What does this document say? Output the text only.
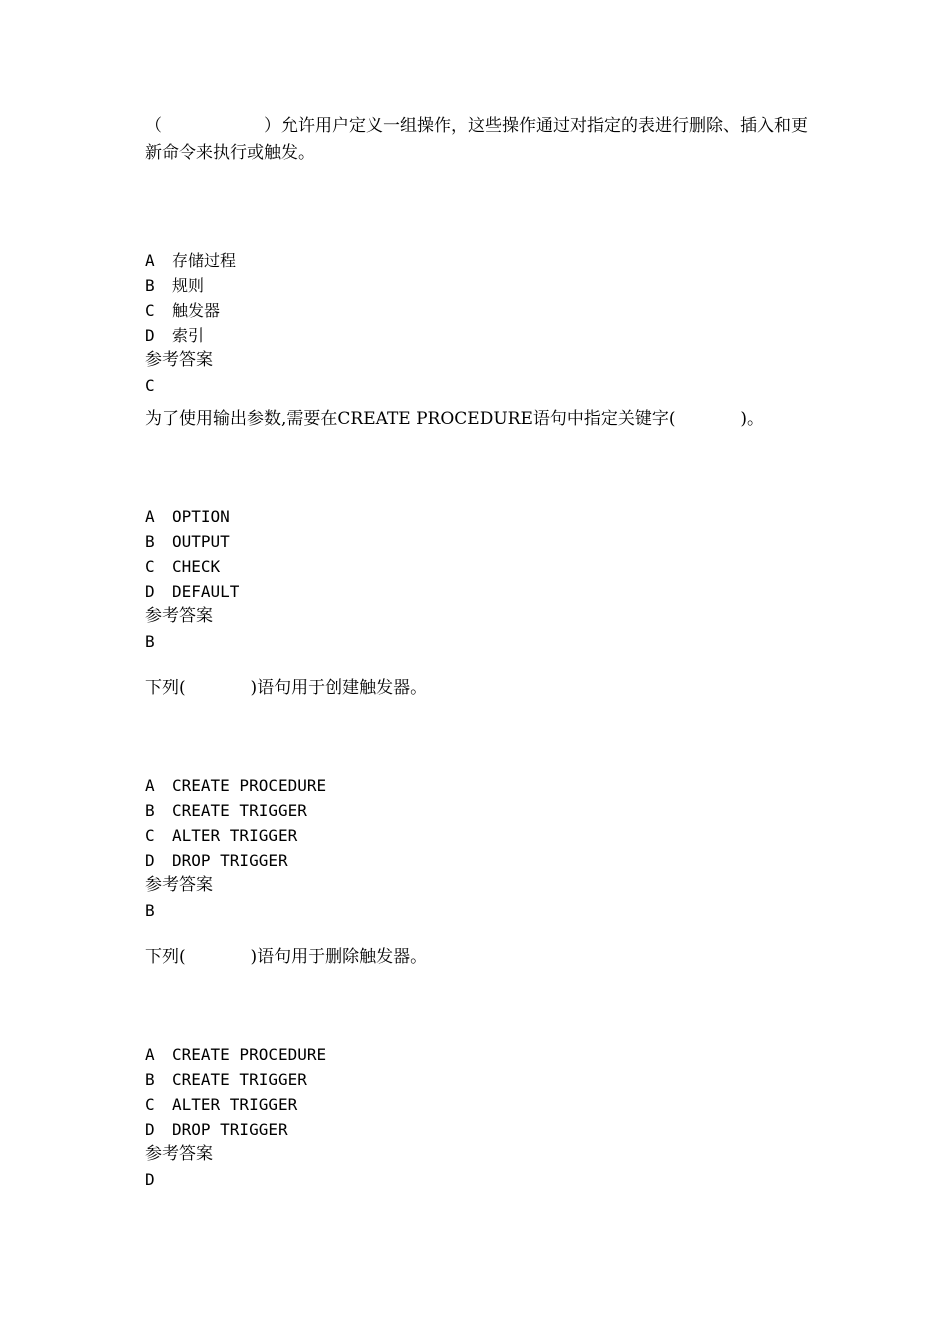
（　　　　　　）允许用户定义一组操作，这些操作通过对指定的表进行删除、插入和更新命令来执行或触发。

A 存储过程
B 规则
C 触发器
D 索引

参考答案

C

为了使用输出参数,需要在CREATE PROCEDURE语句中指定关键字(            )。

A OPTION
B OUTPUT
C CHECK
D DEFAULT

参考答案

B

下列(            )语句用于创建触发器。

A CREATE PROCEDURE
B CREATE TRIGGER
C ALTER TRIGGER
D DROP TRIGGER

参考答案

B

下列(            )语句用于删除触发器。

A CREATE PROCEDURE
B CREATE TRIGGER
C ALTER TRIGGER
D DROP TRIGGER

参考答案

D
